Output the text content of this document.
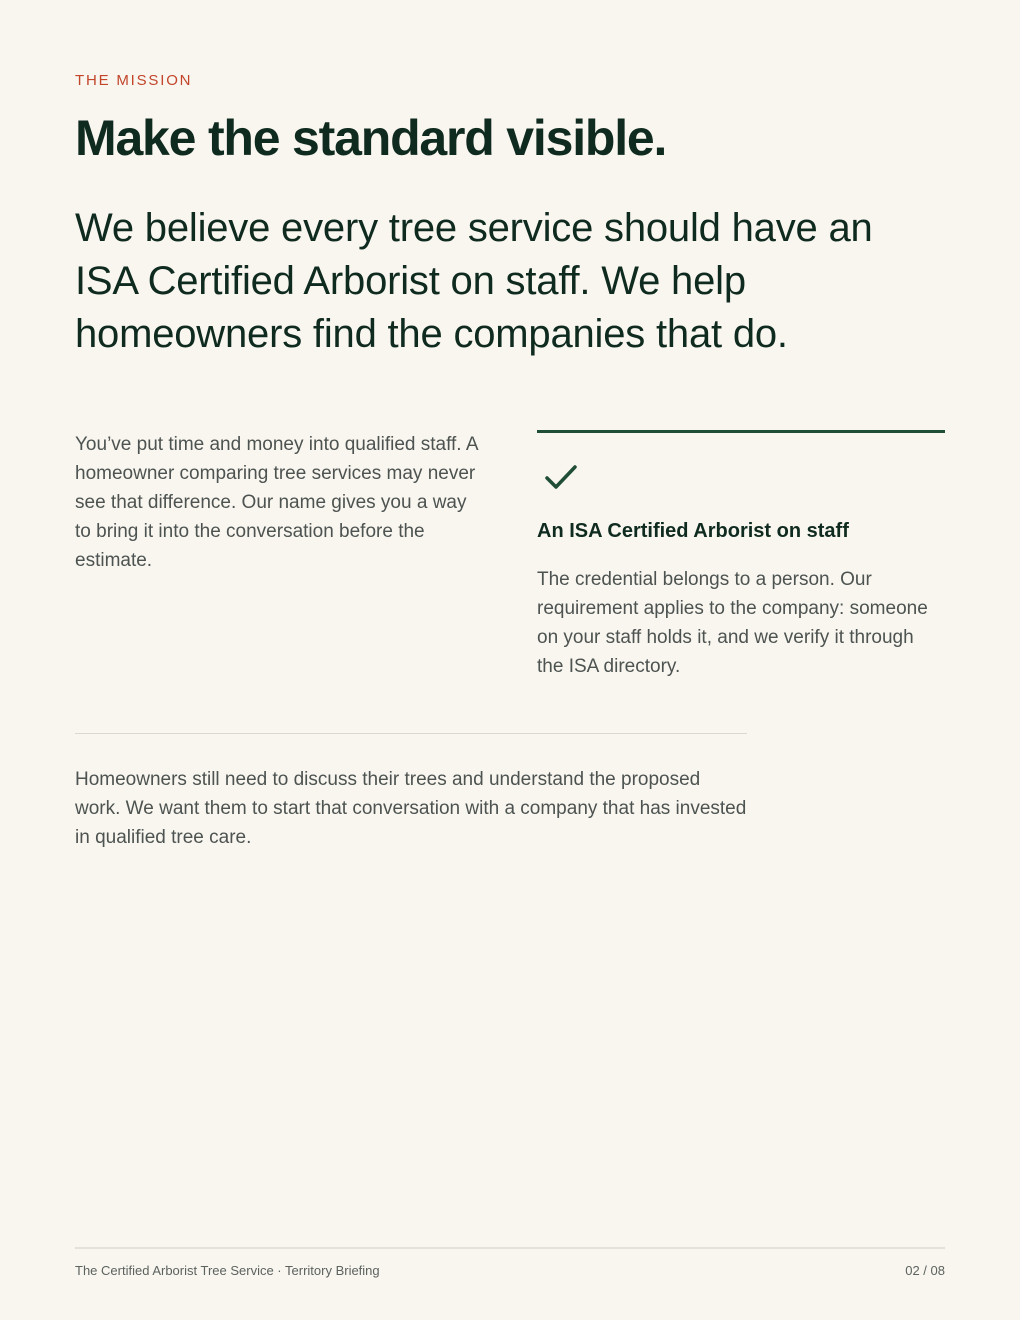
THE MISSION

Make the standard visible.

We believe every tree service should have an ISA Certified Arborist on staff. We help homeowners find the companies that do.

You’ve put time and money into qualified staff. A homeowner comparing tree services may never see that difference. Our name gives you a way to bring it into the conversation before the estimate.

An ISA Certified Arborist on staff

The credential belongs to a person. Our requirement applies to the company: someone on your staff holds it, and we verify it through the ISA directory.

Homeowners still need to discuss their trees and understand the proposed work. We want them to start that conversation with a company that has invested in qualified tree care.

The Certified Arborist Tree Service · Territory Briefing	02 / 08
